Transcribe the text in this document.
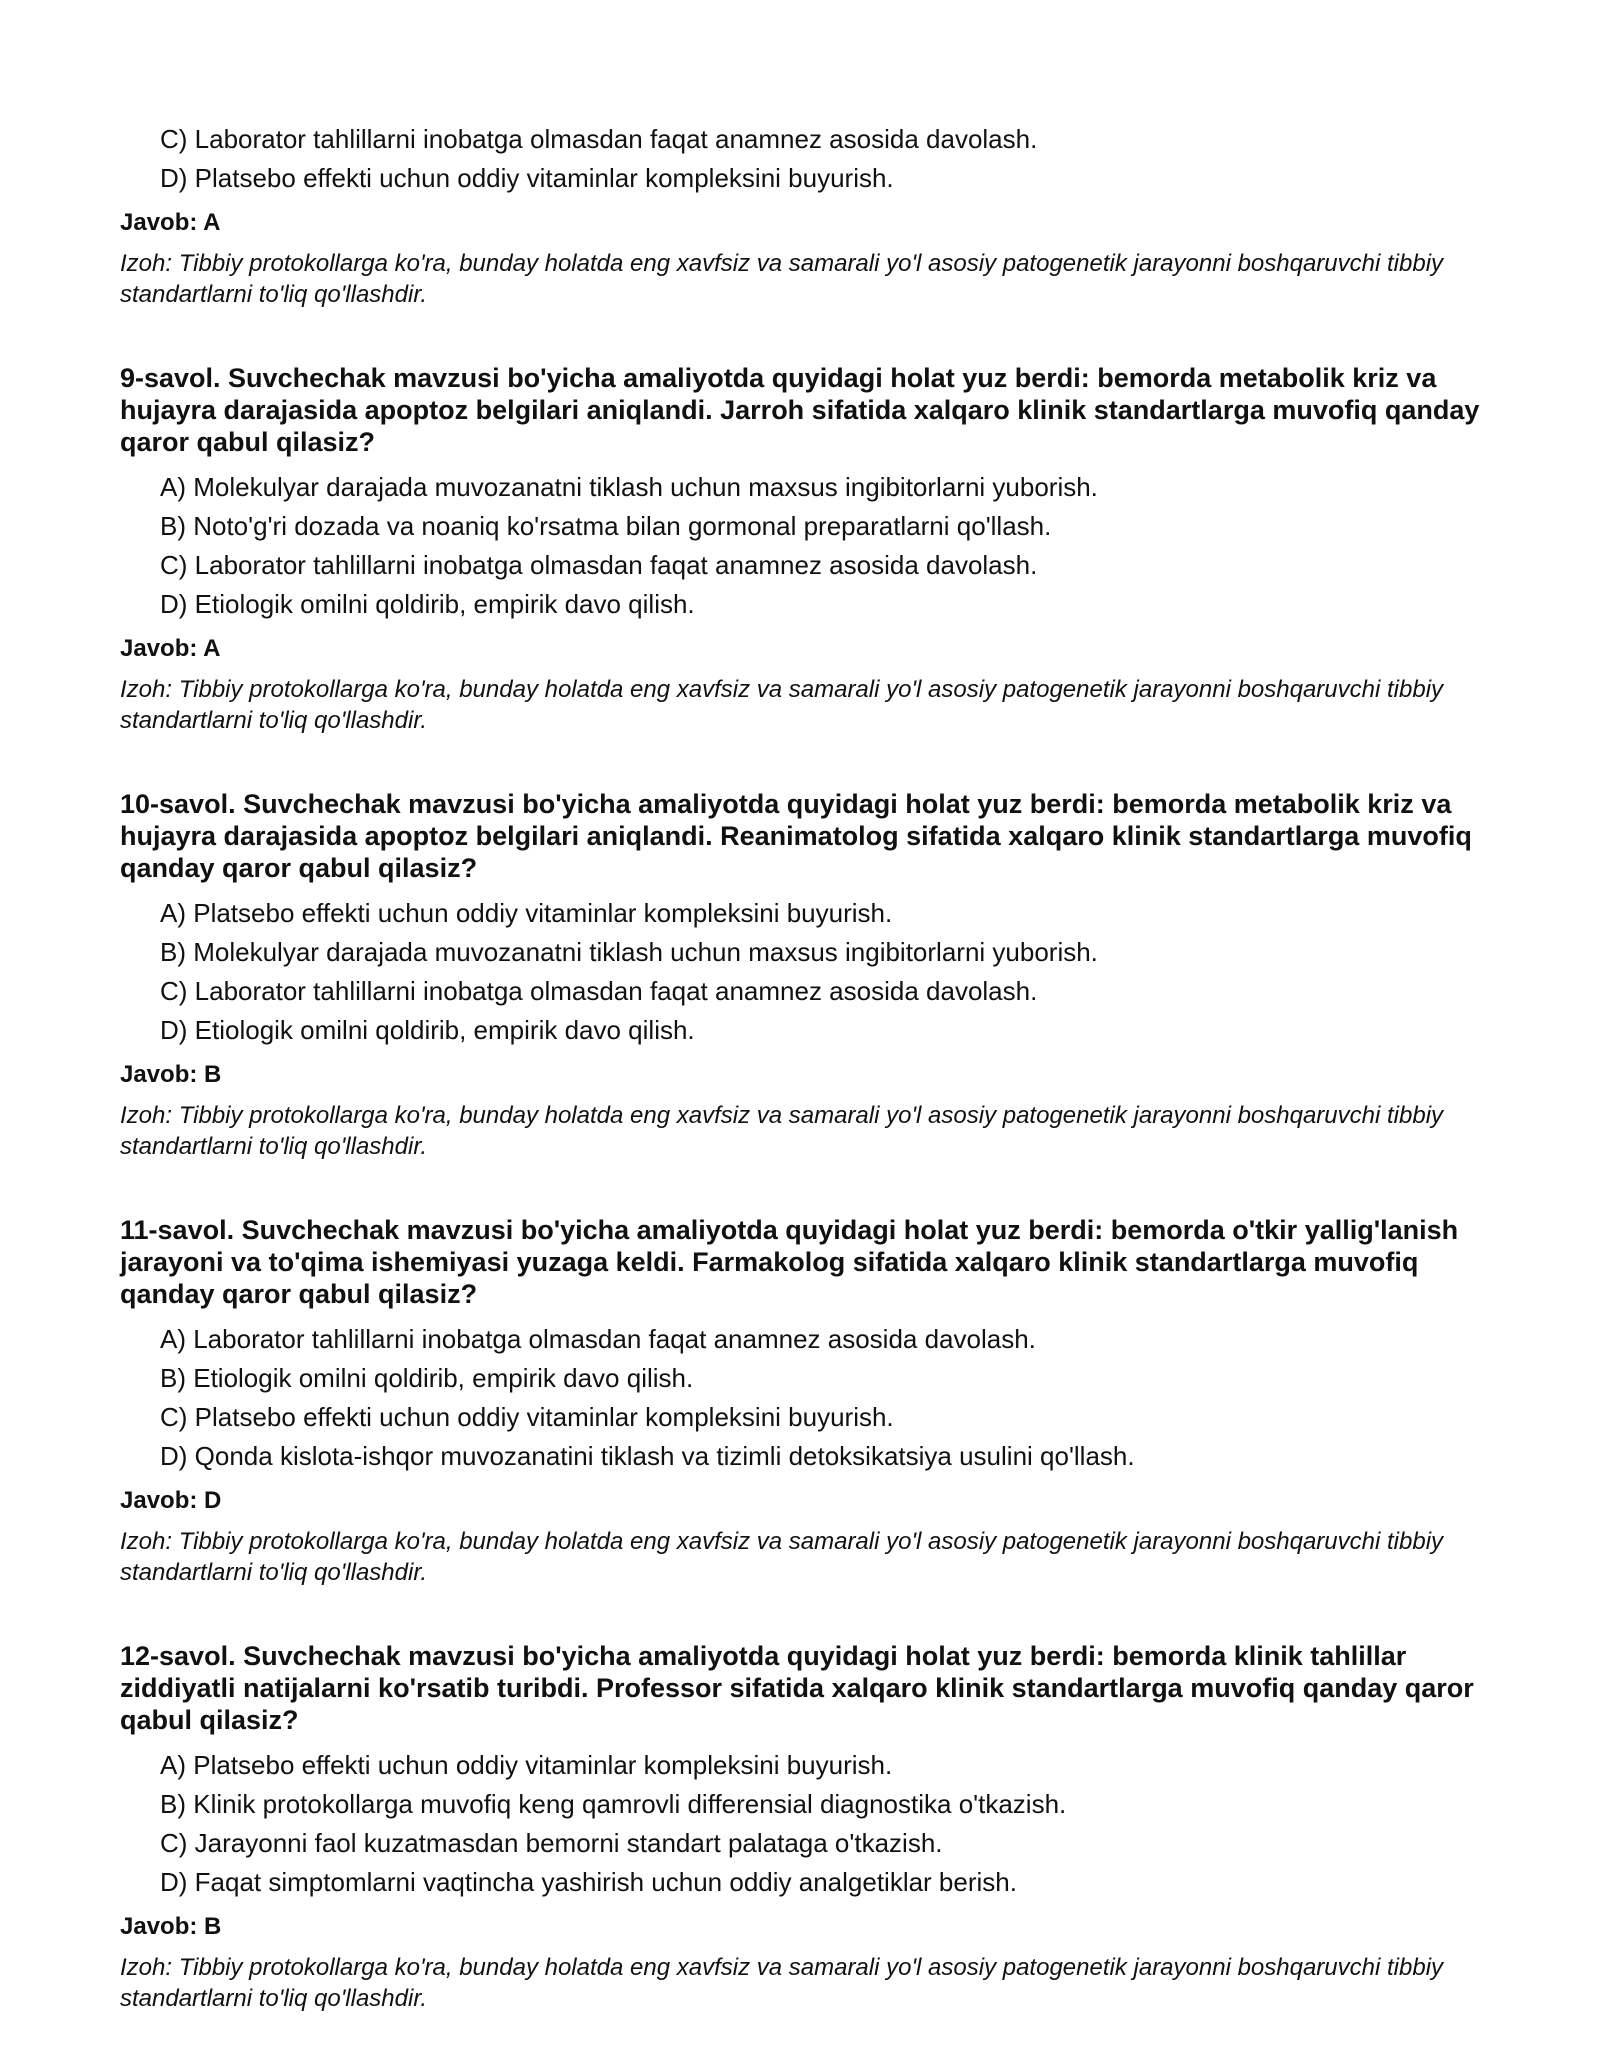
C) Laborator tahlillarni inobatga olmasdan faqat anamnez asosida davolash.
D) Platsebo effekti uchun oddiy vitaminlar kompleksini buyurish.
Javob: A
Izoh: Tibbiy protokollarga ko'ra, bunday holatda eng xavfsiz va samarali yo'l asosiy patogenetik jarayonni boshqaruvchi tibbiy standartlarni to'liq qo'llashdir.
9-savol. Suvchechak mavzusi bo'yicha amaliyotda quyidagi holat yuz berdi: bemorda metabolik kriz va hujayra darajasida apoptoz belgilari aniqlandi. Jarroh sifatida xalqaro klinik standartlarga muvofiq qanday qaror qabul qilasiz?
A) Molekulyar darajada muvozanatni tiklash uchun maxsus ingibitorlarni yuborish.
B) Noto'g'ri dozada va noaniq ko'rsatma bilan gormonal preparatlarni qo'llash.
C) Laborator tahlillarni inobatga olmasdan faqat anamnez asosida davolash.
D) Etiologik omilni qoldirib, empirik davo qilish.
Javob: A
Izoh: Tibbiy protokollarga ko'ra, bunday holatda eng xavfsiz va samarali yo'l asosiy patogenetik jarayonni boshqaruvchi tibbiy standartlarni to'liq qo'llashdir.
10-savol. Suvchechak mavzusi bo'yicha amaliyotda quyidagi holat yuz berdi: bemorda metabolik kriz va hujayra darajasida apoptoz belgilari aniqlandi. Reanimatolog sifatida xalqaro klinik standartlarga muvofiq qanday qaror qabul qilasiz?
A) Platsebo effekti uchun oddiy vitaminlar kompleksini buyurish.
B) Molekulyar darajada muvozanatni tiklash uchun maxsus ingibitorlarni yuborish.
C) Laborator tahlillarni inobatga olmasdan faqat anamnez asosida davolash.
D) Etiologik omilni qoldirib, empirik davo qilish.
Javob: B
Izoh: Tibbiy protokollarga ko'ra, bunday holatda eng xavfsiz va samarali yo'l asosiy patogenetik jarayonni boshqaruvchi tibbiy standartlarni to'liq qo'llashdir.
11-savol. Suvchechak mavzusi bo'yicha amaliyotda quyidagi holat yuz berdi: bemorda o'tkir yallig'lanish jarayoni va to'qima ishemiyasi yuzaga keldi. Farmakolog sifatida xalqaro klinik standartlarga muvofiq qanday qaror qabul qilasiz?
A) Laborator tahlillarni inobatga olmasdan faqat anamnez asosida davolash.
B) Etiologik omilni qoldirib, empirik davo qilish.
C) Platsebo effekti uchun oddiy vitaminlar kompleksini buyurish.
D) Qonda kislota-ishqor muvozanatini tiklash va tizimli detoksikatsiya usulini qo'llash.
Javob: D
Izoh: Tibbiy protokollarga ko'ra, bunday holatda eng xavfsiz va samarali yo'l asosiy patogenetik jarayonni boshqaruvchi tibbiy standartlarni to'liq qo'llashdir.
12-savol. Suvchechak mavzusi bo'yicha amaliyotda quyidagi holat yuz berdi: bemorda klinik tahlillar ziddiyatli natijalarni ko'rsatib turibdi. Professor sifatida xalqaro klinik standartlarga muvofiq qanday qaror qabul qilasiz?
A) Platsebo effekti uchun oddiy vitaminlar kompleksini buyurish.
B) Klinik protokollarga muvofiq keng qamrovli differensial diagnostika o'tkazish.
C) Jarayonni faol kuzatmasdan bemorni standart palataga o'tkazish.
D) Faqat simptomlarni vaqtincha yashirish uchun oddiy analgetiklar berish.
Javob: B
Izoh: Tibbiy protokollarga ko'ra, bunday holatda eng xavfsiz va samarali yo'l asosiy patogenetik jarayonni boshqaruvchi tibbiy standartlarni to'liq qo'llashdir.
